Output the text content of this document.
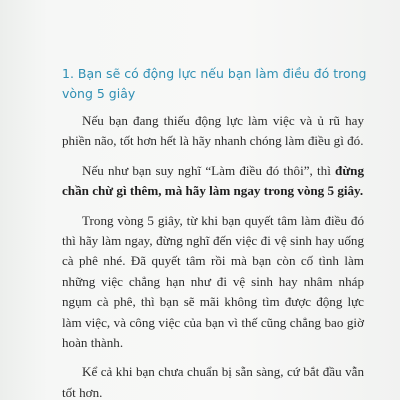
1. Bạn sẽ có động lực nếu bạn làm điều đó trong vòng 5 giây

Nếu bạn đang thiếu động lực làm việc và ủ rũ hay phiền não, tốt hơn hết là hãy nhanh chóng làm điều gì đó.

Nếu như bạn suy nghĩ “Làm điều đó thôi”, thì đừng chần chừ gì thêm, mà hãy làm ngay trong vòng 5 giây.

Trong vòng 5 giây, từ khi bạn quyết tâm làm điều đó thì hãy làm ngay, đừng nghĩ đến việc đi vệ sinh hay uống cà phê nhé. Đã quyết tâm rồi mà bạn còn cố tình làm những việc chẳng hạn như đi vệ sinh hay nhâm nháp ngụm cà phê, thì bạn sẽ mãi không tìm được động lực làm việc, và công việc của bạn vì thế cũng chẳng bao giờ hoàn thành.

Kể cả khi bạn chưa chuẩn bị sẵn sàng, cứ bắt đầu vẫn tốt hơn.
